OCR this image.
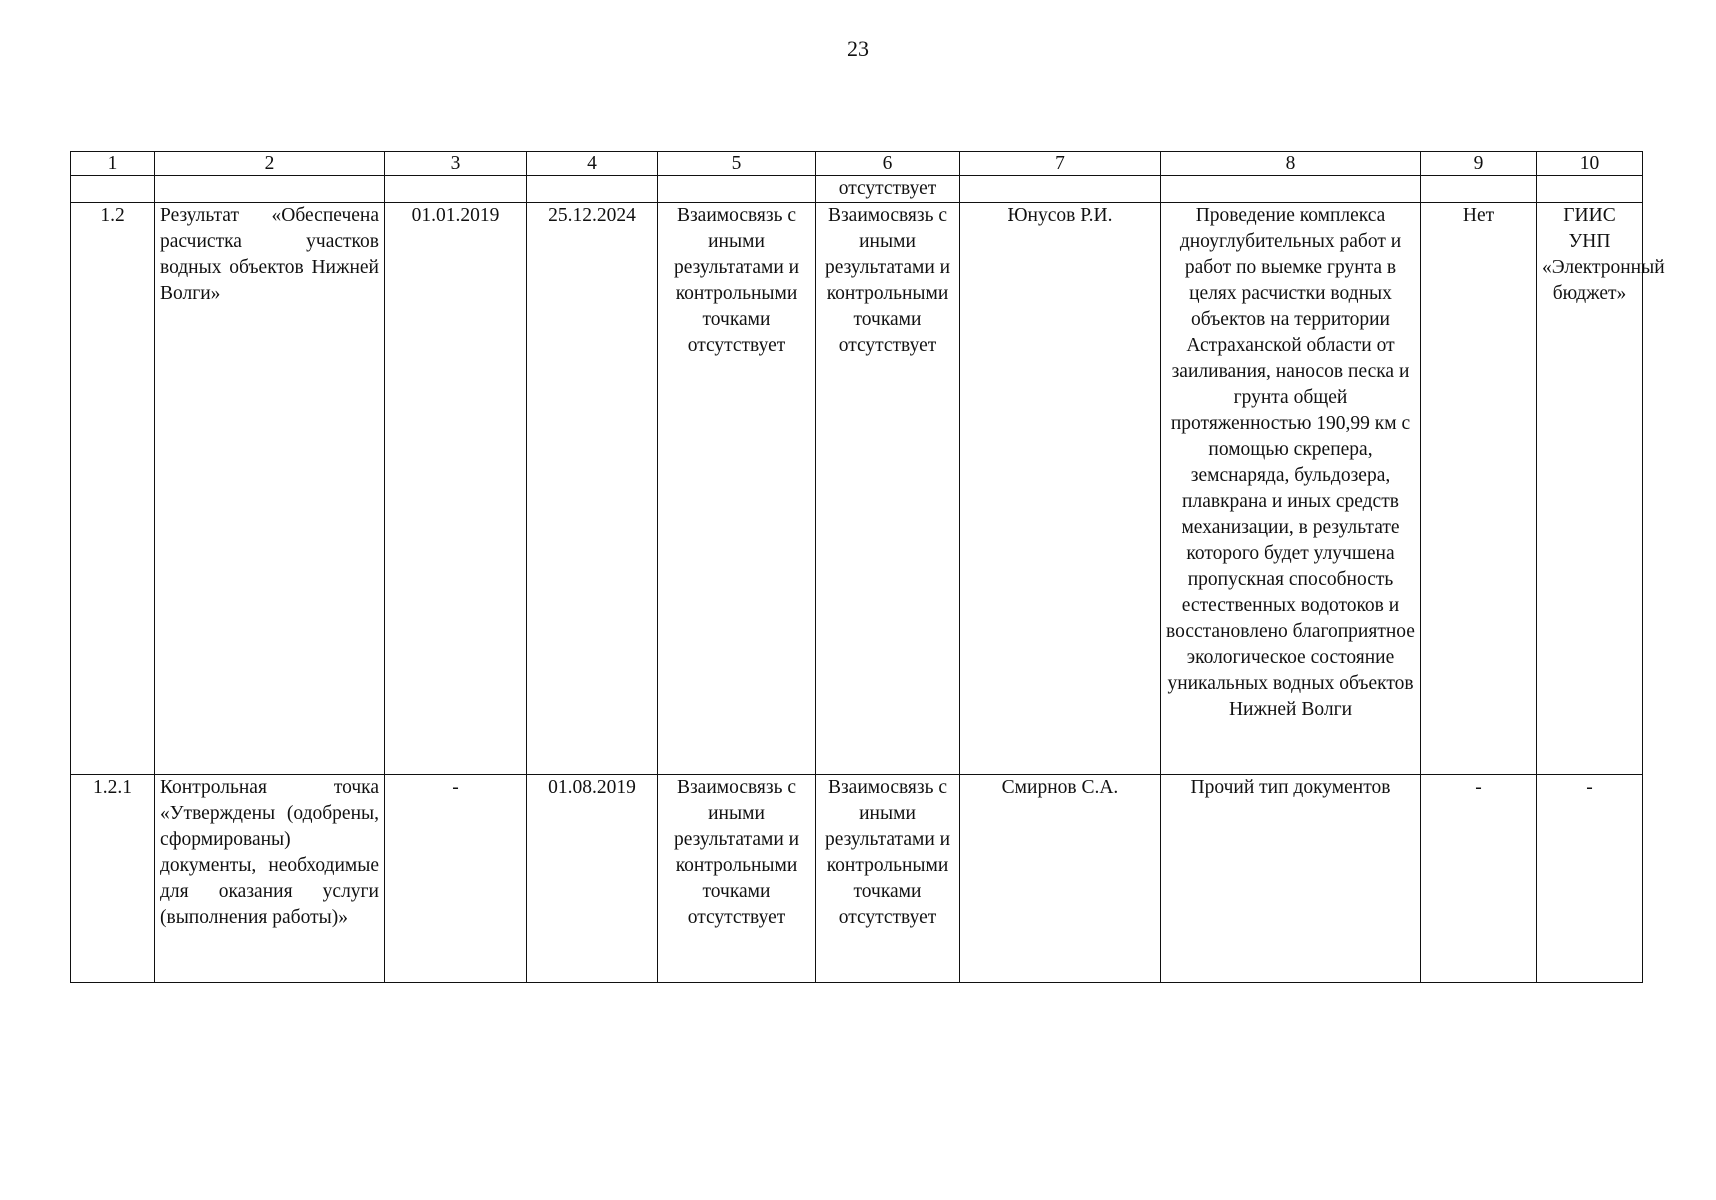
23
1	2	3	4	5	6	7	8	9	10
					отсутствует				
1.2	Результат «Обеспечена расчистка участков водных объектов Нижней Волги»	01.01.2019	25.12.2024	Взаимосвязь с иными результатами и контрольными точками отсутствует	Взаимосвязь с иными результатами и контрольными точками отсутствует	Юнусов Р.И.	Проведение комплекса дноуглубительных работ и работ по выемке грунта в целях расчистки водных объектов на территории Астраханской области от заиливания, наносов песка и грунта общей протяженностью 190,99 км с помощью скрепера, земснаряда, бульдозера, плавкрана и иных средств механизации, в результате которого будет улучшена пропускная способность естественных водотоков и восстановлено благоприятное экологическое состояние уникальных водных объектов Нижней Волги	Нет	ГИИС УНП «Электронный бюджет»
1.2.1	Контрольная точка «Утверждены (одобрены, сформированы) документы, необходимые для оказания услуги (выполнения работы)»	-	01.08.2019	Взаимосвязь с иными результатами и контрольными точками отсутствует	Взаимосвязь с иными результатами и контрольными точками отсутствует	Смирнов С.А.	Прочий тип документов	-	-
